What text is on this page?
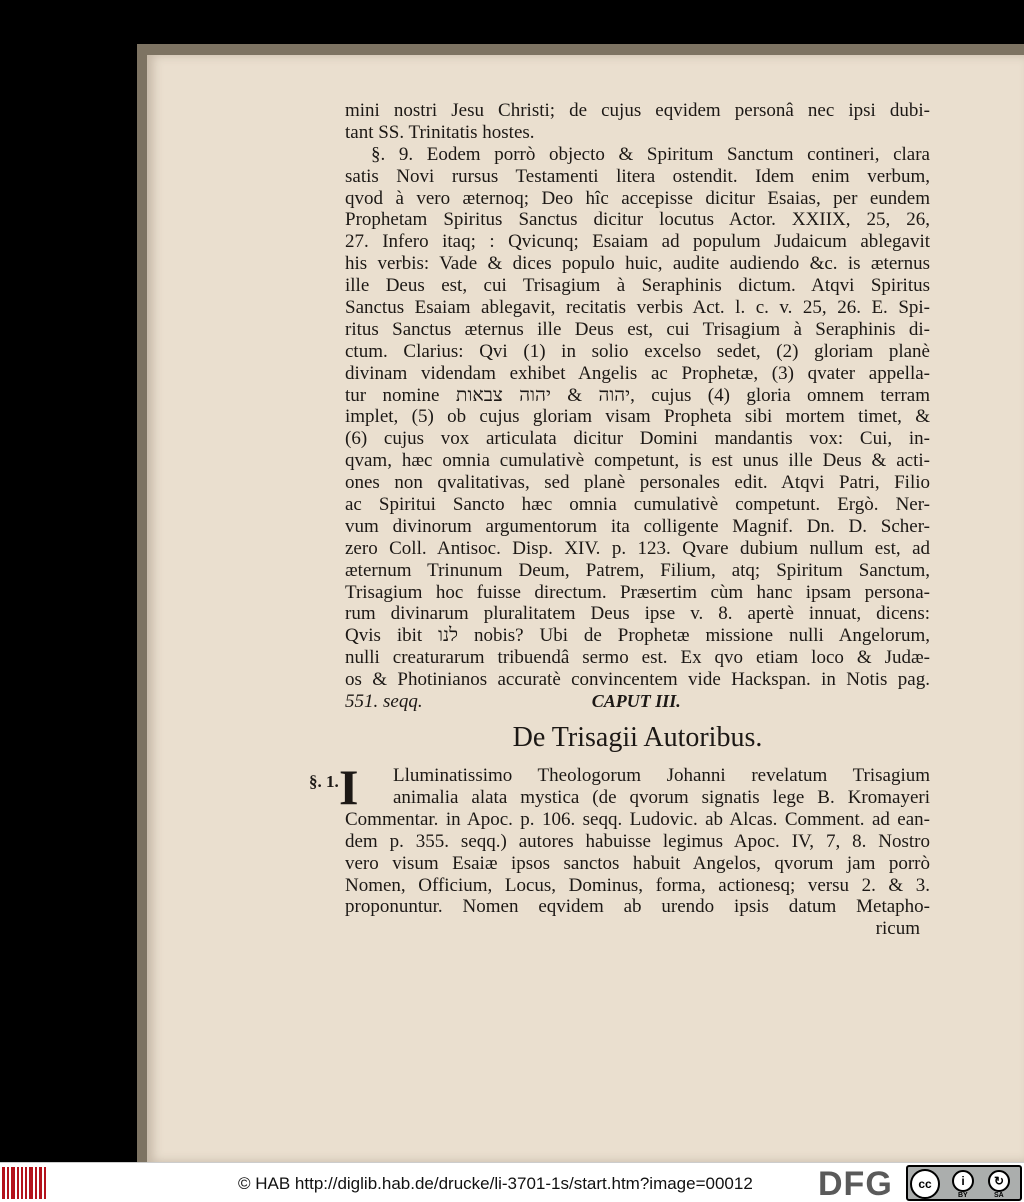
mini nostri Jesu Christi; de cujus eqvidem personâ nec ipsi dubi-
tant SS. Trinitatis hostes.
§. 9. Eodem porrò objecto & Spiritum Sanctum contineri, clara
satis Novi rursus Testamenti litera ostendit. Idem enim verbum,
qvod à vero æternoq; Deo hîc accepisse dicitur Esaias, per eundem
Prophetam Spiritus Sanctus dicitur locutus Actor. XXIIX, 25, 26,
27. Infero itaq; : Qvicunq; Esaiam ad populum Judaicum ablegavit
his verbis: Vade & dices populo huic, audite audiendo &c. is æternus
ille Deus est, cui Trisagium à Seraphinis dictum. Atqvi Spiritus
Sanctus Esaiam ablegavit, recitatis verbis Act. l. c. v. 25, 26. E. Spi-
ritus Sanctus æternus ille Deus est, cui Trisagium à Seraphinis di-
ctum. Clarius: Qvi (1) in solio excelso sedet, (2) gloriam planè
divinam videndam exhibet Angelis ac Prophetæ, (3) qvater appella-
tur nomine יהוה & יהוה צבאות, cujus (4) gloria omnem terram
implet, (5) ob cujus gloriam visam Propheta sibi mortem timet, &
(6) cujus vox articulata dicitur Domini mandantis vox: Cui, in-
qvam, hæc omnia cumulativè competunt, is est unus ille Deus & acti-
ones non qvalitativas, sed planè personales edit. Atqvi Patri, Filio
ac Spiritui Sancto hæc omnia cumulativè competunt. Ergò. Ner-
vum divinorum argumentorum ita colligente Magnif. Dn. D. Scher-
zero Coll. Antisoc. Disp. XIV. p. 123. Qvare dubium nullum est, ad
æternum Trinunum Deum, Patrem, Filium, atq; Spiritum Sanctum,
Trisagium hoc fuisse directum. Præsertim cùm hanc ipsam persona-
rum divinarum pluralitatem Deus ipse v. 8. apertè innuat, dicens:
Qvis ibit לנו nobis? Ubi de Prophetæ missione nulli Angelorum,
nulli creaturarum tribuendâ sermo est. Ex qvo etiam loco & Judæ-
os & Photinianos accuratè convincentem vide Hackspan. in Notis pag.
551. seqq.	CAPUT III.
De Trisagii Autoribus.
§. 1. I	Lluminatissimo Theologorum Johanni revelatum Trisagium
animalia alata mystica (de qvorum signatis lege B. Kromayeri
Commentar. in Apoc. p. 106. seqq. Ludovic. ab Alcas. Comment. ad ean-
dem p. 355. seqq.) autores habuisse legimus Apoc. IV, 7, 8. Nostro
vero visum Esaiæ ipsos sanctos habuit Angelos, qvorum jam porrò
Nomen, Officium, Locus, Dominus, forma, actionesq; versu 2. & 3.
proponuntur. Nomen eqvidem ab urendo ipsis datum Metapho-
ricum
© HAB http://diglib.hab.de/drucke/li-3701-1s/start.htm?image=00012 DFG	cc	i
BY
↻
SA
